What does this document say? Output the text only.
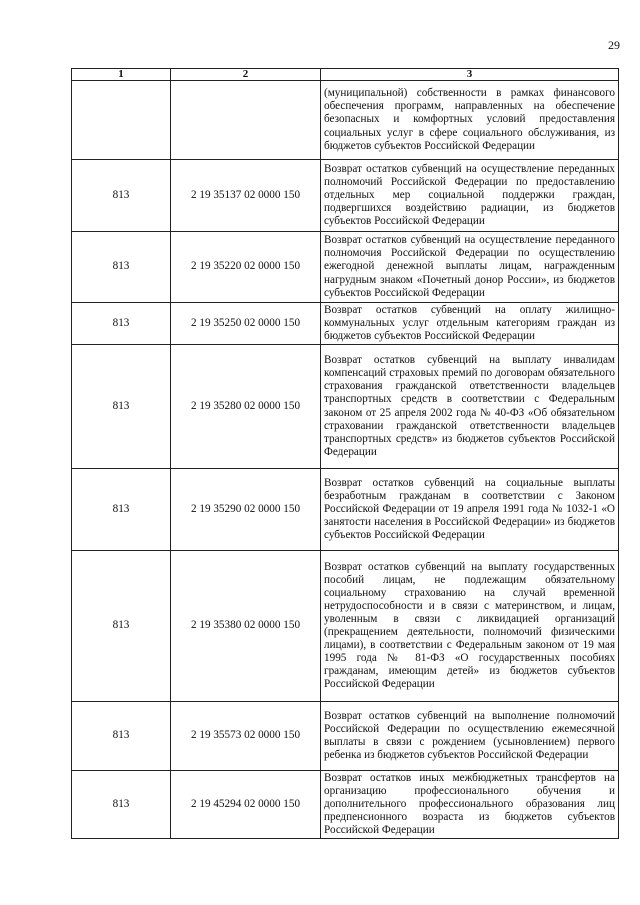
29
1	2	3
		(муниципальной) собственности в рамках финансового обеспечения программ, направленных на обеспечение безопасных и комфортных условий предоставления социальных услуг в сфере социального обслуживания, из бюджетов субъектов Российской Федерации
813	2 19 35137 02 0000 150	Возврат остатков субвенций на осуществление переданных полномочий Российской Федерации по предоставлению отдельных мер социальной поддержки граждан, подвергшихся воздействию радиации, из бюджетов субъектов Российской Федерации
813	2 19 35220 02 0000 150	Возврат остатков субвенций на осуществление переданного полномочия Российской Федерации по осуществлению ежегодной денежной выплаты лицам, награжденным нагрудным знаком «Почетный донор России», из бюджетов субъектов Российской Федерации
813	2 19 35250 02 0000 150	Возврат остатков субвенций на оплату жилищно-коммунальных услуг отдельным категориям граждан из бюджетов субъектов Российской Федерации
813	2 19 35280 02 0000 150	Возврат остатков субвенций на выплату инвалидам компенсаций страховых премий по договорам обязательного страхования гражданской ответственности владельцев транспортных средств в соответствии с Федеральным законом от 25 апреля 2002 года № 40-ФЗ «Об обязательном страховании гражданской ответственности владельцев транспортных средств» из бюджетов субъектов Российской Федерации
813	2 19 35290 02 0000 150	Возврат остатков субвенций на социальные выплаты безработным гражданам в соответствии с Законом Российской Федерации от 19 апреля 1991 года № 1032-1 «О занятости населения в Российской Федерации» из бюджетов субъектов Российской Федерации
813	2 19 35380 02 0000 150	Возврат остатков субвенций на выплату государственных пособий лицам, не подлежащим обязательному социальному страхованию на случай временной нетрудоспособности и в связи с материнством, и лицам, уволенным в связи с ликвидацией организаций (прекращением деятельности, полномочий физическими лицами), в соответствии с Федеральным законом от 19 мая 1995 года № 81-ФЗ «О государственных пособиях гражданам, имеющим детей» из бюджетов субъектов Российской Федерации
813	2 19 35573 02 0000 150	Возврат остатков субвенций на выполнение полномочий Российской Федерации по осуществлению ежемесячной выплаты в связи с рождением (усыновлением) первого ребенка из бюджетов субъектов Российской Федерации
813	2 19 45294 02 0000 150	Возврат остатков иных межбюджетных трансфертов на организацию профессионального обучения и дополнительного профессионального образования лиц предпенсионного возраста из бюджетов субъектов Российской Федерации
